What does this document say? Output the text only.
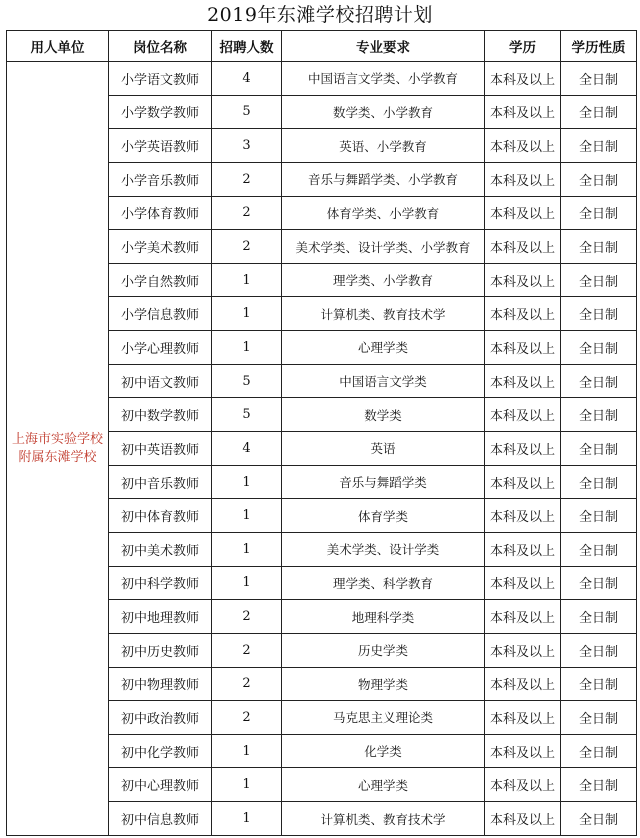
2019年东滩学校招聘计划
用人单位	岗位名称	招聘人数	专业要求	学历	学历性质
上海市实验学校附属东滩学校	小学语文教师	4	中国语言文学类、小学教育	本科及以上	全日制
	小学数学教师	5	数学类、小学教育	本科及以上	全日制
	小学英语教师	3	英语、小学教育	本科及以上	全日制
	小学音乐教师	2	音乐与舞蹈学类、小学教育	本科及以上	全日制
	小学体育教师	2	体育学类、小学教育	本科及以上	全日制
	小学美术教师	2	美术学类、设计学类、小学教育	本科及以上	全日制
	小学自然教师	1	理学类、小学教育	本科及以上	全日制
	小学信息教师	1	计算机类、教育技术学	本科及以上	全日制
	小学心理教师	1	心理学类	本科及以上	全日制
	初中语文教师	5	中国语言文学类	本科及以上	全日制
	初中数学教师	5	数学类	本科及以上	全日制
	初中英语教师	4	英语	本科及以上	全日制
	初中音乐教师	1	音乐与舞蹈学类	本科及以上	全日制
	初中体育教师	1	体育学类	本科及以上	全日制
	初中美术教师	1	美术学类、设计学类	本科及以上	全日制
	初中科学教师	1	理学类、科学教育	本科及以上	全日制
	初中地理教师	2	地理科学类	本科及以上	全日制
	初中历史教师	2	历史学类	本科及以上	全日制
	初中物理教师	2	物理学类	本科及以上	全日制
	初中政治教师	2	马克思主义理论类	本科及以上	全日制
	初中化学教师	1	化学类	本科及以上	全日制
	初中心理教师	1	心理学类	本科及以上	全日制
	初中信息教师	1	计算机类、教育技术学	本科及以上	全日制
